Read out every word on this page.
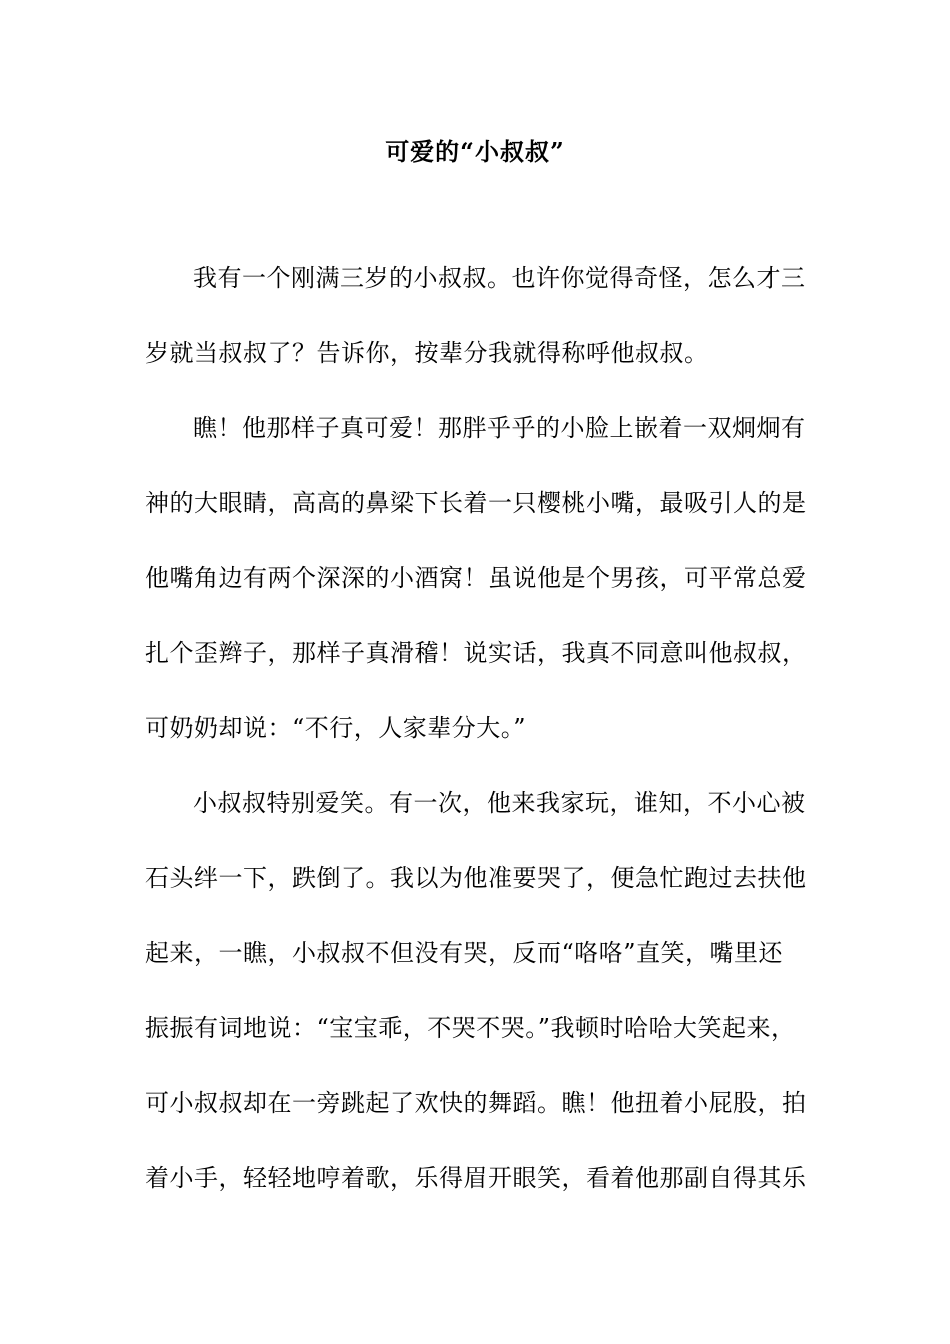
可爱的“小叔叔”
我有一个刚满三岁的小叔叔。也许你觉得奇怪，怎么才三
岁就当叔叔了？告诉你，按辈分我就得称呼他叔叔。
瞧！他那样子真可爱！那胖乎乎的小脸上嵌着一双炯炯有
神的大眼睛，高高的鼻梁下长着一只樱桃小嘴，最吸引人的是
他嘴角边有两个深深的小酒窝！虽说他是个男孩，可平常总爱
扎个歪辫子，那样子真滑稽！说实话，我真不同意叫他叔叔，
可奶奶却说：“不行，人家辈分大。”
小叔叔特别爱笑。有一次，他来我家玩，谁知，不小心被
石头绊一下，跌倒了。我以为他准要哭了，便急忙跑过去扶他
起来，一瞧，小叔叔不但没有哭，反而“咯咯”直笑，嘴里还
振振有词地说：“宝宝乖，不哭不哭。”我顿时哈哈大笑起来，
可小叔叔却在一旁跳起了欢快的舞蹈。瞧！他扭着小屁股，拍
着小手，轻轻地哼着歌，乐得眉开眼笑，看着他那副自得其乐
